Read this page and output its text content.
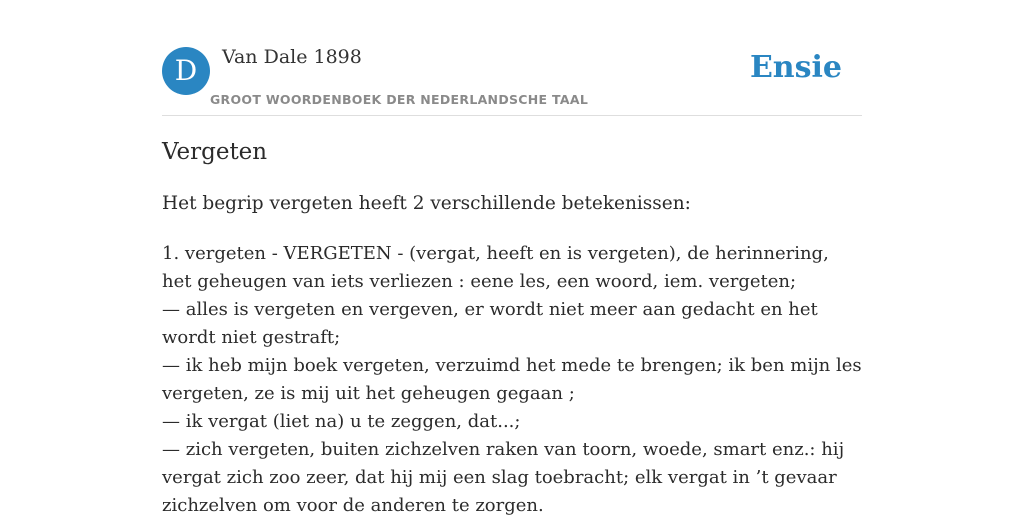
D	Van Dale 1898
GROOT WOORDENBOEK DER NEDERLANDSCHE TAAL
Ensie
Vergeten
Het begrip vergeten heeft 2 verschillende betekenissen:
1. vergeten - VERGETEN - (vergat, heeft en is vergeten), de herinnering, het geheugen van iets verliezen : eene les, een woord, iem. vergeten;
— alles is vergeten en vergeven, er wordt niet meer aan gedacht en het wordt niet gestraft;
— ik heb mijn boek vergeten, verzuimd het mede te brengen; ik ben mijn les vergeten, ze is mij uit het geheugen gegaan ;
— ik vergat (liet na) u te zeggen, dat...;
— zich vergeten, buiten zichzelven raken van toorn, woede, smart enz.: hij vergat zich zoo zeer, dat hij mij een slag toebracht; elk vergat in ’t gevaar zichzelven om voor de anderen te zorgen.
